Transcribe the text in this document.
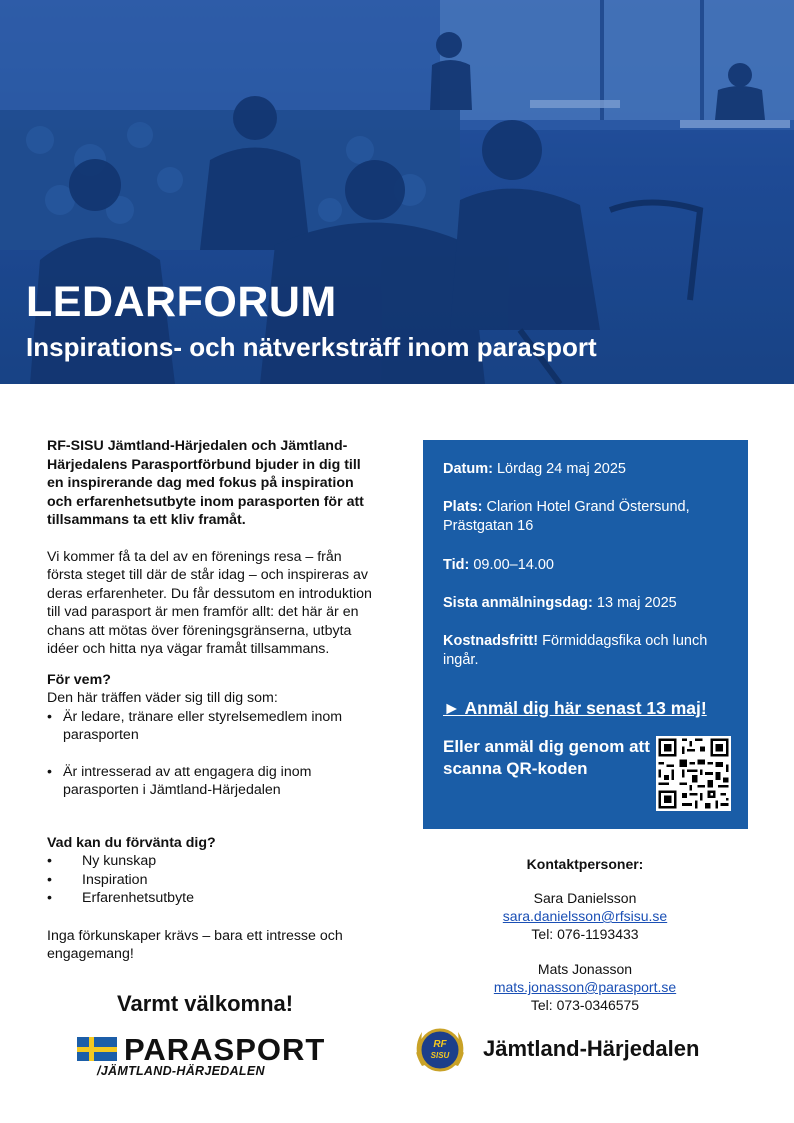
LEDARFORUM
Inspirations- och nätverksträff inom parasport

RF-SISU Jämtland-Härjedalen och Jämtland-Härjedalens Parasportförbund bjuder in dig till en inspirerande dag med fokus på inspiration och erfarenhetsutbyte inom parasporten för att tillsammans ta ett kliv framåt.

Vi kommer få ta del av en förenings resa – från första steget till där de står idag – och inspireras av deras erfarenheter. Du får dessutom en introduktion till vad parasport är men framför allt: det här är en chans att mötas över föreningsgränserna, utbyta idéer och hitta nya vägar framåt tillsammans.

För vem?

Den här träffen väder sig till dig som:

• Är ledare, tränare eller styrelsemedlem inom parasporten
• Är intresserad av att engagera dig inom parasporten i Jämtland-Härjedalen

Vad kan du förvänta dig?

• Ny kunskap
• Inspiration
• Erfarenhetsutbyte

Inga förkunskaper krävs – bara ett intresse och engagemang!

Varmt välkomna!

PARASPORT
/JÄMTLAND-HÄRJEDALEN
Datum: Lördag 24 maj 2025
Plats: Clarion Hotel Grand Östersund, Prästgatan 16
Tid: 09.00–14.00
Sista anmälningsdag: 13 maj 2025
Kostnadsfritt! Förmiddagsfika och lunch ingår.
► Anmäl dig här senast 13 maj!
Eller anmäl dig genom att scanna QR-koden

Kontaktpersoner:

Sara Danielsson

sara.danielsson@rfsisu.se

Tel: 076-1193433

Mats Jonasson

mats.jonasson@parasport.se

Tel: 073-0346575

RF
SISU Jämtland-Härjedalen
